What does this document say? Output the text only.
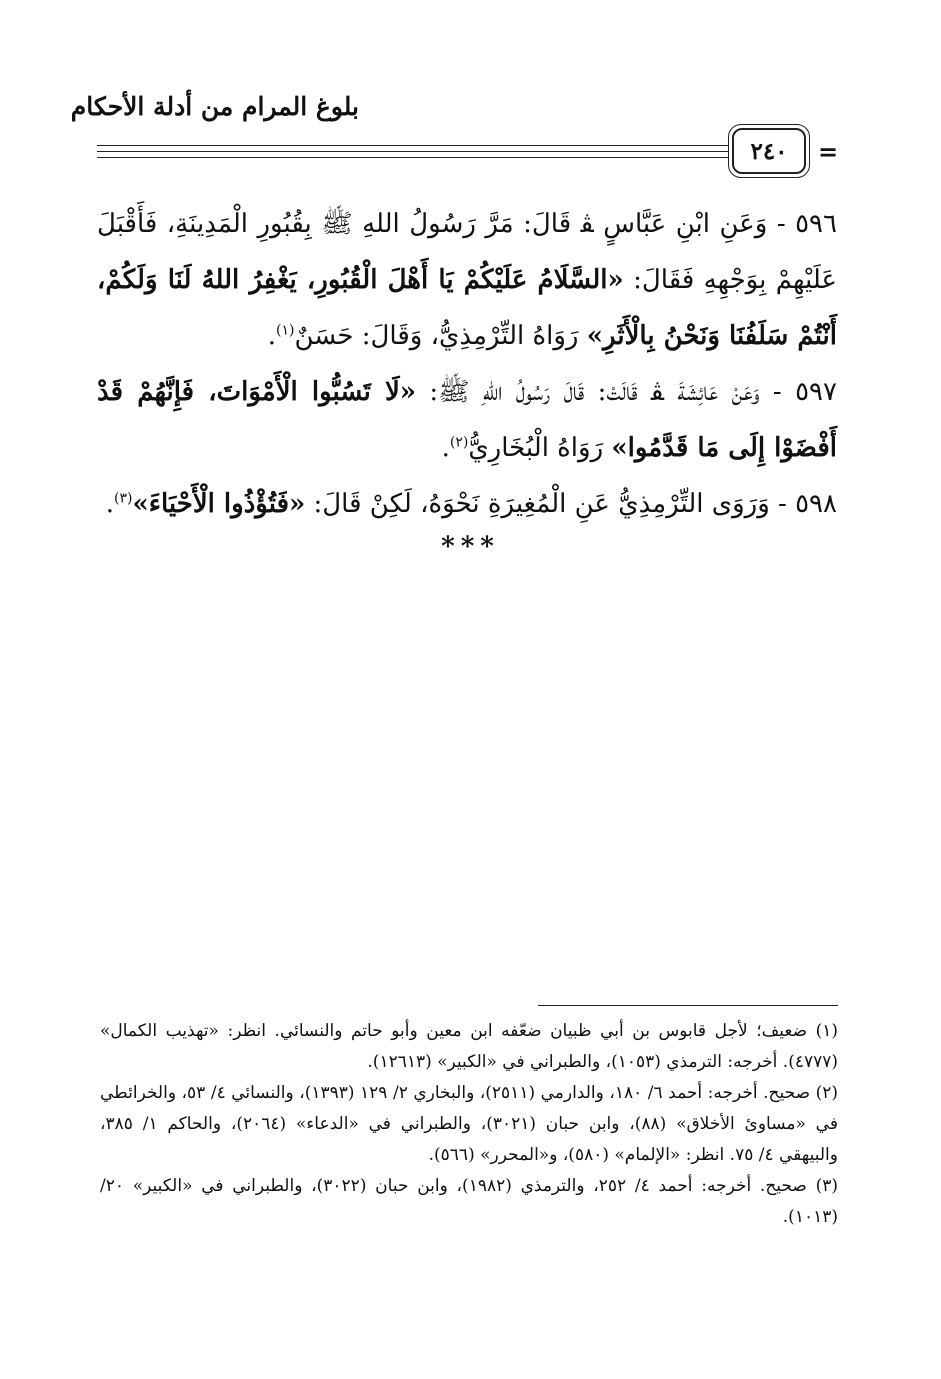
بلوغ المرام من أدلة الأحكام
٢٤٠ =

٥٩٦ - وَعَنِ ابْنِ عَبَّاسٍ ﭭ قَالَ: مَرَّ رَسُولُ اللهِ ﷺ بِقُبُورِ الْمَدِينَةِ، فَأَقْبَلَ عَلَيْهِمْ بِوَجْهِهِ فَقَالَ: «السَّلَامُ عَلَيْكُمْ يَا أَهْلَ الْقُبُورِ، يَغْفِرُ اللهُ لَنَا وَلَكُمْ، أَنْتُمْ سَلَفُنَا وَنَحْنُ بِالْأَثَرِ» رَوَاهُ التِّرْمِذِيُّ، وَقَالَ: حَسَنٌ$^{(١)}$.

٥٩٧ - وَعَنْ عَائِشَةَ ﭭ قَالَتْ: قَالَ رَسُولُ اللهِ ﷺ: «لَا تَسُبُّوا الْأَمْوَاتَ، فَإِنَّهُمْ قَدْ أَفْضَوْا إِلَى مَا قَدَّمُوا» رَوَاهُ الْبُخَارِيُّ$^{(٢)}$.

٥٩٨ - وَرَوَى التِّرْمِذِيُّ عَنِ الْمُغِيرَةِ نَحْوَهُ، لَكِنْ قَالَ: «فَتُؤْذُوا الْأَحْيَاءَ»$^{(٣)}$.

***

(١) ضعيف؛ لأجل قابوس بن أبي ظبيان ضعّفه ابن معين وأبو حاتم والنسائي. انظر: «تهذيب الكمال» (٤٧٧٧). أخرجه: الترمذي (١٠٥٣)، والطبراني في «الكبير» (١٢٦١٣).

(٢) صحيح. أخرجه: أحمد ٦/ ١٨٠، والدارمي (٢٥١١)، والبخاري ٢/ ١٢٩ (١٣٩٣)، والنسائي ٤/ ٥٣، والخرائطي في «مساوئ الأخلاق» (٨٨)، وابن حبان (٣٠٢١)، والطبراني في «الدعاء» (٢٠٦٤)، والحاكم ١/ ٣٨٥، والبيهقي ٤/ ٧٥. انظر: «الإلمام» (٥٨٠)، و«المحرر» (٥٦٦).

(٣) صحيح. أخرجه: أحمد ٤/ ٢٥٢، والترمذي (١٩٨٢)، وابن حبان (٣٠٢٢)، والطبراني في «الكبير» ٢٠/ (١٠١٣).
